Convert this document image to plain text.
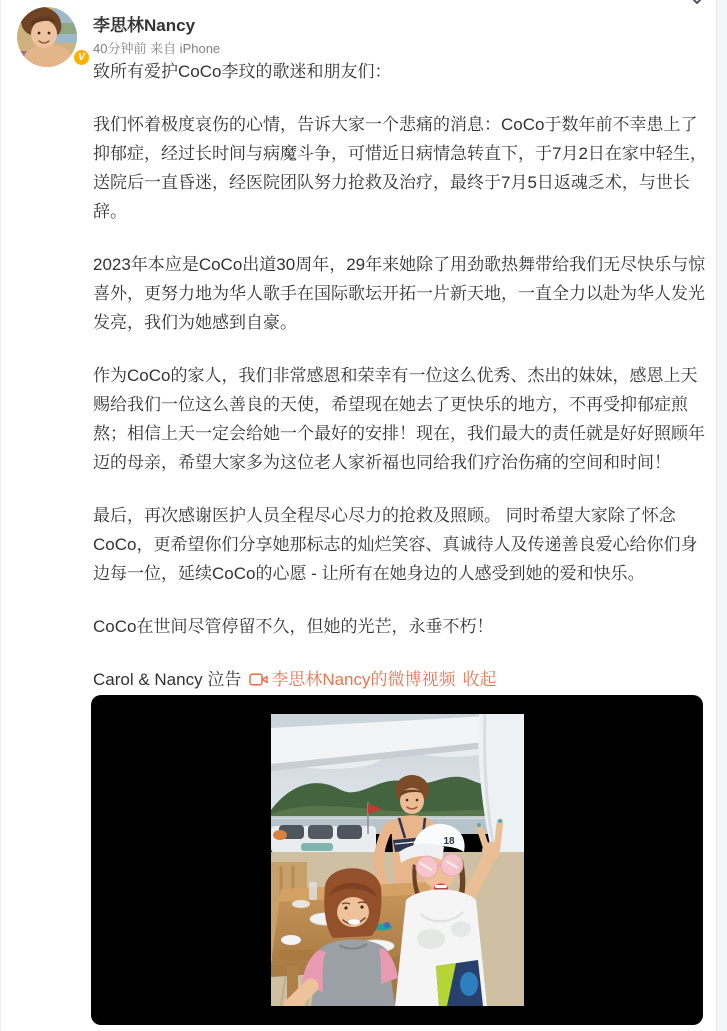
V
李思林Nancy
40分钟前 来自 iPhone

致所有爱护CoCo李玟的歌迷和朋友们：

我们怀着极度哀伤的心情，告诉大家一个悲痛的消息：CoCo于数年前不幸患上了抑郁症，经过长时间与病魔斗争，可惜近日病情急转直下，于7月2日在家中轻生，送院后一直昏迷，经医院团队努力抢救及治疗，最终于7月5日返魂乏术，与世长辞。

2023年本应是CoCo出道30周年，29年来她除了用劲歌热舞带给我们无尽快乐与惊喜外，更努力地为华人歌手在国际歌坛开拓一片新天地，一直全力以赴为华人发光发亮，我们为她感到自豪。

作为CoCo的家人，我们非常感恩和荣幸有一位这么优秀、杰出的妹妹，感恩上天赐给我们一位这么善良的天使，希望现在她去了更快乐的地方，不再受抑郁症煎熬；相信上天一定会给她一个最好的安排！现在，我们最大的责任就是好好照顾年迈的母亲，希望大家多为这位老人家祈福也同给我们疗治伤痛的空间和时间！

最后，再次感谢医护人员全程尽心尽力的抢救及照顾。 同时希望大家除了怀念CoCo，更希望你们分享她那标志的灿烂笑容、真诚待人及传递善良爱心给你们身边每一位，延续CoCo的心愿 - 让所有在她身边的人感受到她的爱和快乐。

CoCo在世间尽管停留不久，但她的光芒，永垂不朽！

Carol & Nancy 泣告 李思林Nancy的微博视频 收起

18
